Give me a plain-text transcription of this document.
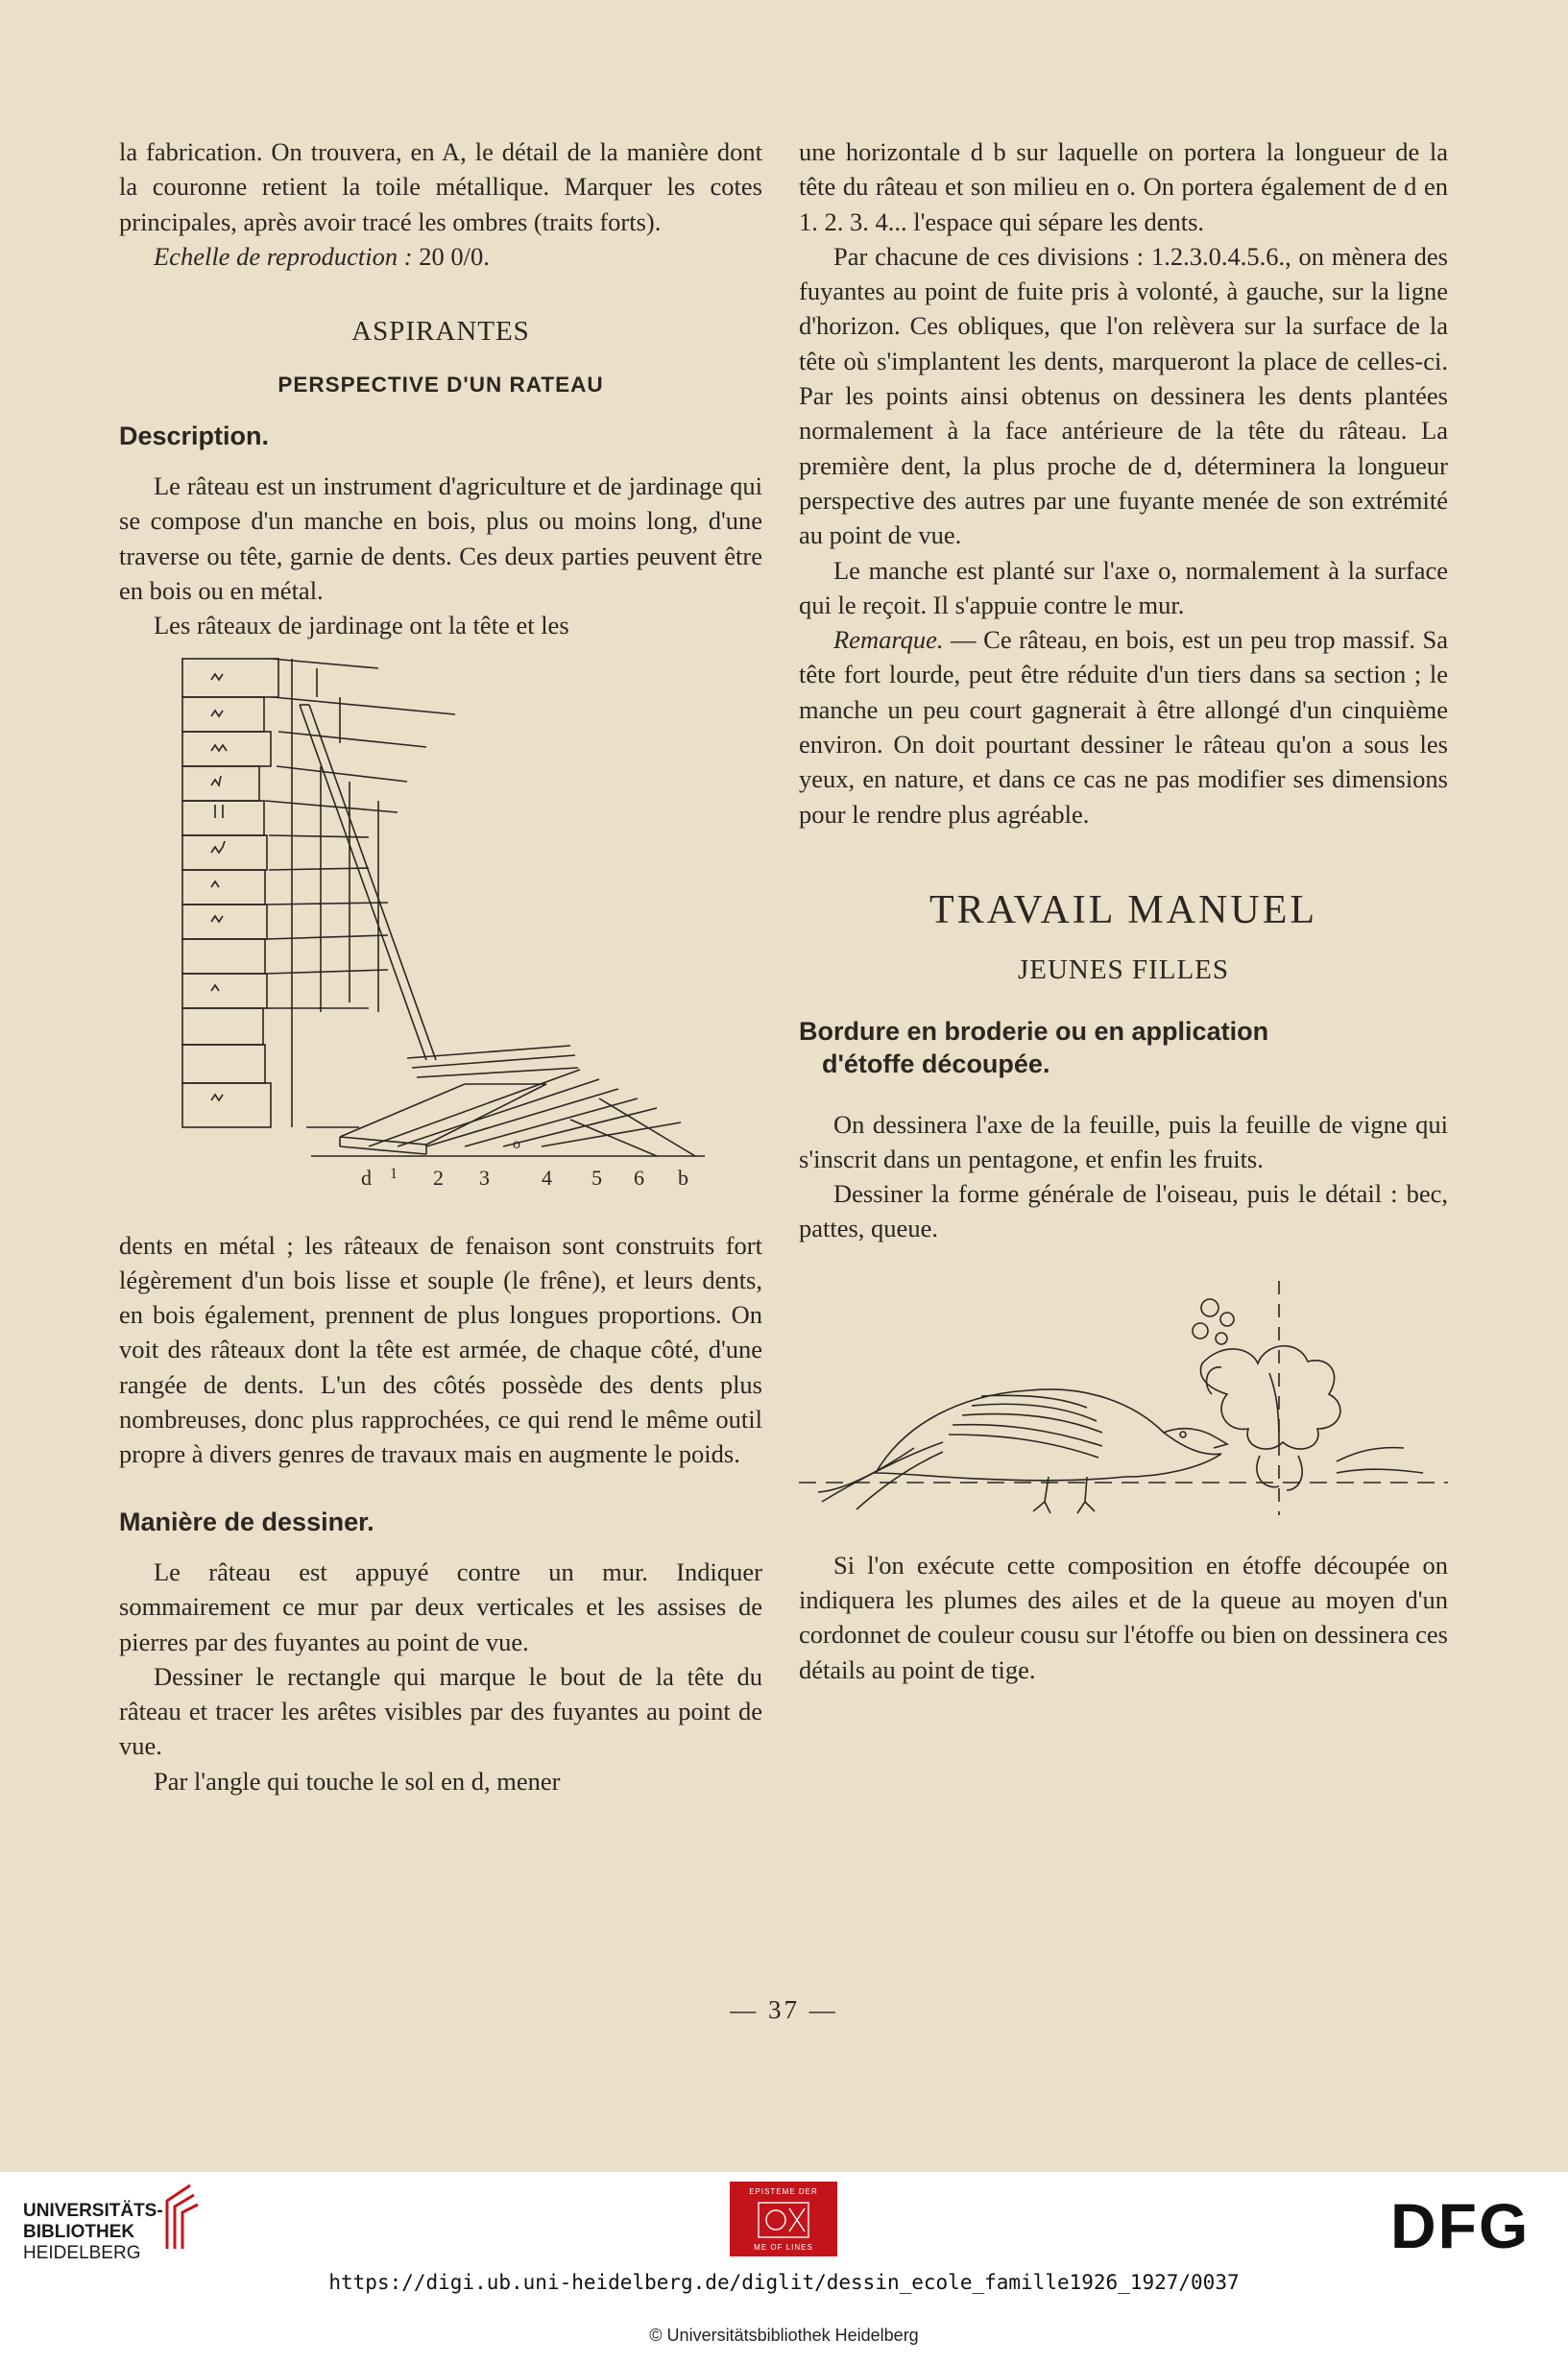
la fabrication. On trouvera, en A, le détail de la manière dont la couronne retient la toile métallique. Marquer les cotes principales, après avoir tracé les ombres (traits forts).

Echelle de reproduction : 20 0/0.

ASPIRANTES
PERSPECTIVE D'UN RATEAU
Description.

Le râteau est un instrument d'agriculture et de jardinage qui se compose d'un manche en bois, plus ou moins long, d'une traverse ou tête, garnie de dents. Ces deux parties peuvent être en bois ou en métal.

Les râteaux de jardinage ont la tête et les

d 1 2 3 4 5 6 b
o

dents en métal ; les râteaux de fenaison sont construits fort légèrement d'un bois lisse et souple (le frêne), et leurs dents, en bois également, prennent de plus longues proportions. On voit des râteaux dont la tête est armée, de chaque côté, d'une rangée de dents. L'un des côtés possède des dents plus nombreuses, donc plus rapprochées, ce qui rend le même outil propre à divers genres de travaux mais en augmente le poids.

Manière de dessiner.

Le râteau est appuyé contre un mur. Indiquer sommairement ce mur par deux verticales et les assises de pierres par des fuyantes au point de vue.

Dessiner le rectangle qui marque le bout de la tête du râteau et tracer les arêtes visibles par des fuyantes au point de vue.

Par l'angle qui touche le sol en d, mener

une horizontale d b sur laquelle on portera la longueur de la tête du râteau et son milieu en o. On portera également de d en 1. 2. 3. 4... l'espace qui sépare les dents.

Par chacune de ces divisions : 1.2.3.0.4.5.6., on mènera des fuyantes au point de fuite pris à volonté, à gauche, sur la ligne d'horizon. Ces obliques, que l'on relèvera sur la surface de la tête où s'implantent les dents, marqueront la place de celles-ci. Par les points ainsi obtenus on dessinera les dents plantées normalement à la face antérieure de la tête du râteau. La première dent, la plus proche de d, déterminera la longueur perspective des autres par une fuyante menée de son extrémité au point de vue.

Le manche est planté sur l'axe o, normalement à la surface qui le reçoit. Il s'appuie contre le mur.

Remarque. — Ce râteau, en bois, est un peu trop massif. Sa tête fort lourde, peut être réduite d'un tiers dans sa section ; le manche un peu court gagnerait à être allongé d'un cinquième environ. On doit pourtant dessiner le râteau qu'on a sous les yeux, en nature, et dans ce cas ne pas modifier ses dimensions pour le rendre plus agréable.

TRAVAIL MANUEL
JEUNES FILLES
Bordure en broderie ou en application
d'étoffe découpée.

On dessinera l'axe de la feuille, puis la feuille de vigne qui s'inscrit dans un pentagone, et enfin les fruits.

Dessiner la forme générale de l'oiseau, puis le détail : bec, pattes, queue.

Si l'on exécute cette composition en étoffe découpée on indiquera les plumes des ailes et de la queue au moyen d'un cordonnet de couleur cousu sur l'étoffe ou bien on dessinera ces détails au point de tige.

— 37 —
UNIVERSITÄTS-
BIBLIOTHEK
HEIDELBERG
EPISTEME DER
ME OF LINES	DFG
https://digi.ub.uni-heidelberg.de/diglit/dessin_ecole_famille1926_1927/0037
© Universitätsbibliothek Heidelberg
